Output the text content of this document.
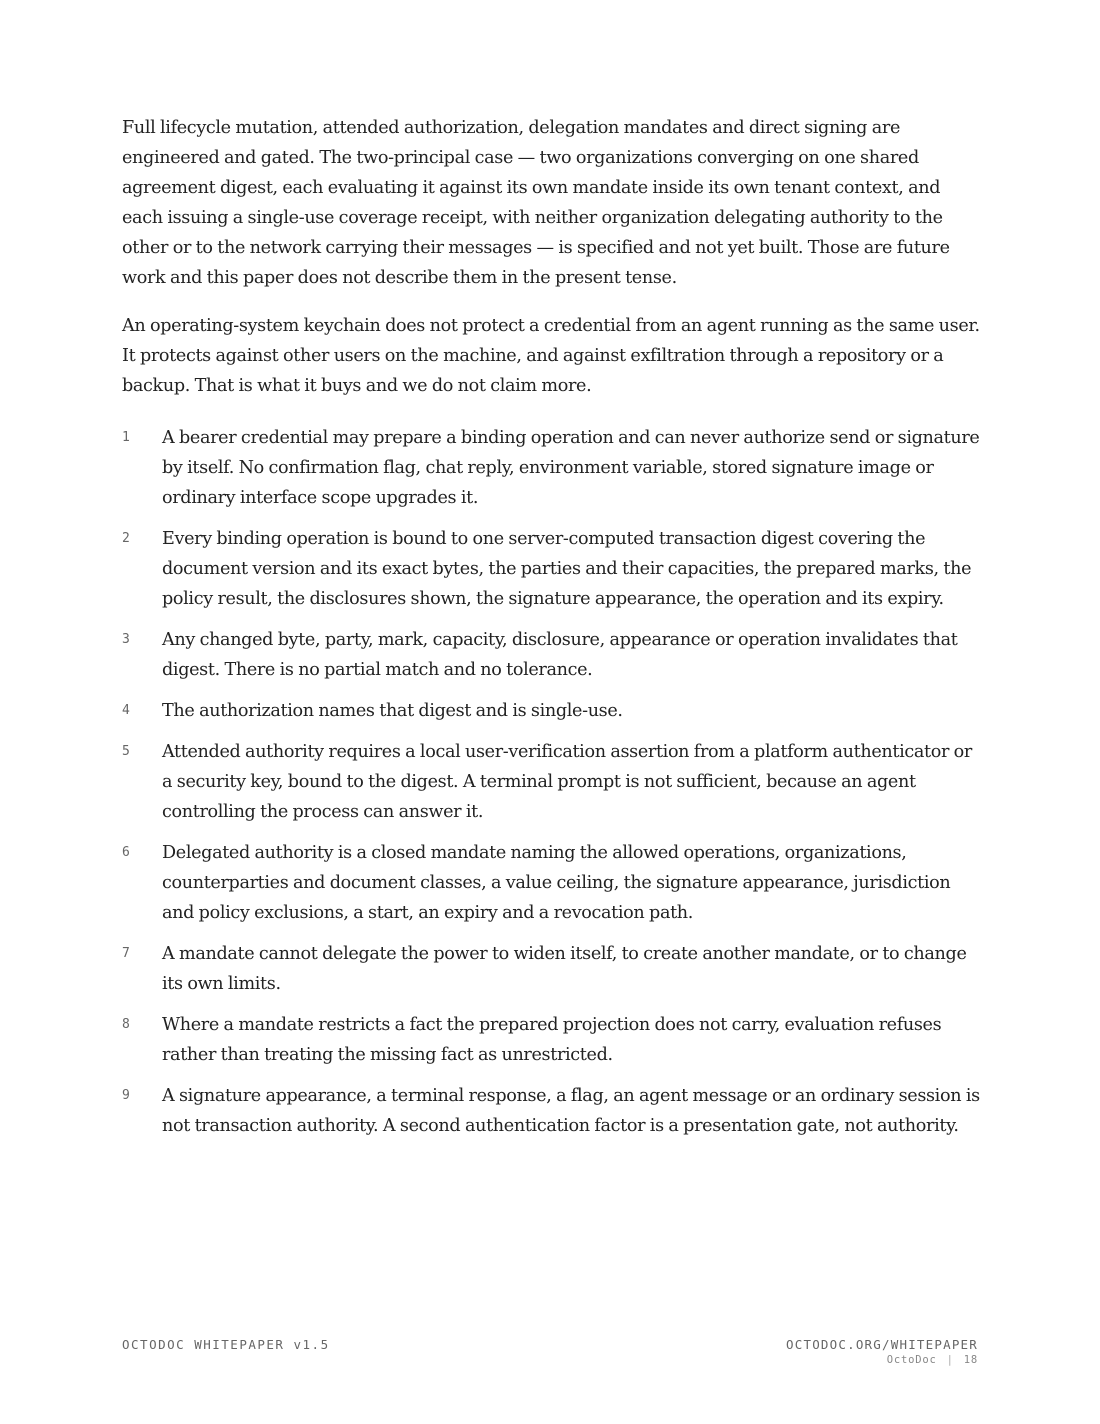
Full lifecycle mutation, attended authorization, delegation mandates and direct signing are engineered and gated. The two-principal case — two organizations converging on one shared agreement digest, each evaluating it against its own mandate inside its own tenant context, and each issuing a single-use coverage receipt, with neither organization delegating authority to the other or to the network carrying their messages — is specified and not yet built. Those are future work and this paper does not describe them in the present tense.

An operating-system keychain does not protect a credential from an agent running as the same user. It protects against other users on the machine, and against exfiltration through a repository or a backup. That is what it buys and we do not claim more.

1 A bearer credential may prepare a binding operation and can never authorize send or signature by itself. No confirmation flag, chat reply, environment variable, stored signature image or ordinary interface scope upgrades it.
2 Every binding operation is bound to one server-computed transaction digest covering the document version and its exact bytes, the parties and their capacities, the prepared marks, the policy result, the disclosures shown, the signature appearance, the operation and its expiry.
3 Any changed byte, party, mark, capacity, disclosure, appearance or operation invalidates that digest. There is no partial match and no tolerance.
4 The authorization names that digest and is single-use.
5 Attended authority requires a local user-verification assertion from a platform authenticator or a security key, bound to the digest. A terminal prompt is not sufficient, because an agent controlling the process can answer it.
6 Delegated authority is a closed mandate naming the allowed operations, organizations, counterparties and document classes, a value ceiling, the signature appearance, jurisdiction and policy exclusions, a start, an expiry and a revocation path.
7 A mandate cannot delegate the power to widen itself, to create another mandate, or to change its own limits.
8 Where a mandate restricts a fact the prepared projection does not carry, evaluation refuses rather than treating the missing fact as unrestricted.
9 A signature appearance, a terminal response, a flag, an agent message or an ordinary session is not transaction authority. A second authentication factor is a presentation gate, not authority.
OCTODOC WHITEPAPER v1.5	OCTODOC.ORG/WHITEPAPER
OctoDoc | 18
